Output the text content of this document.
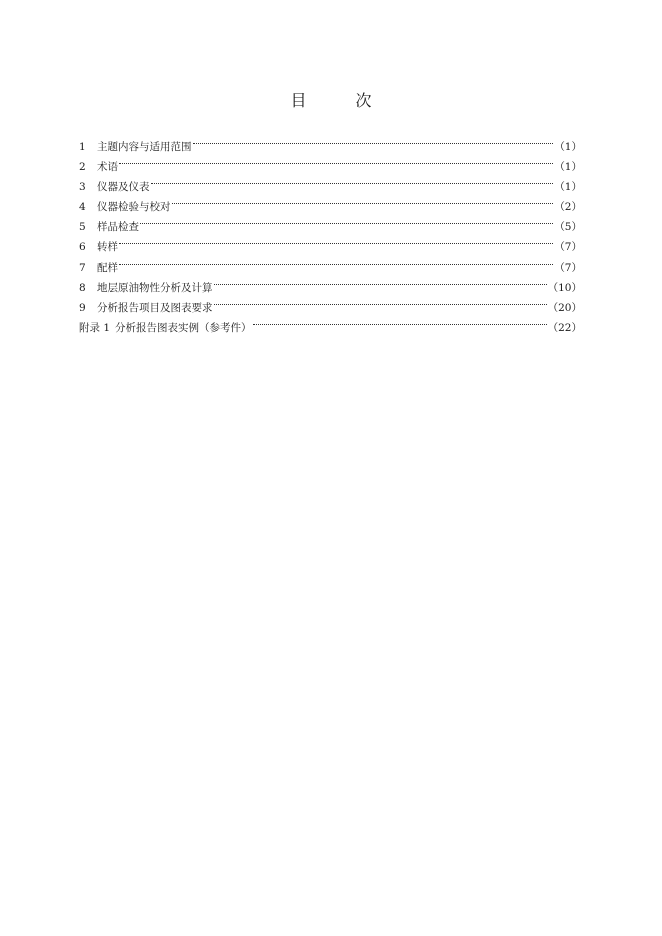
目 次
1	主题内容与适用范围	（1）
2	术语	（1）
3	仪器及仪表	（1）
4	仪器检验与校对	（2）
5	样品检查	（5）
6	转样	（7）
7	配样	（7）
8	地层原油物性分析及计算	（10）
9	分析报告项目及图表要求	（20）
附录 1 分析报告图表实例（参考件）	（22）
